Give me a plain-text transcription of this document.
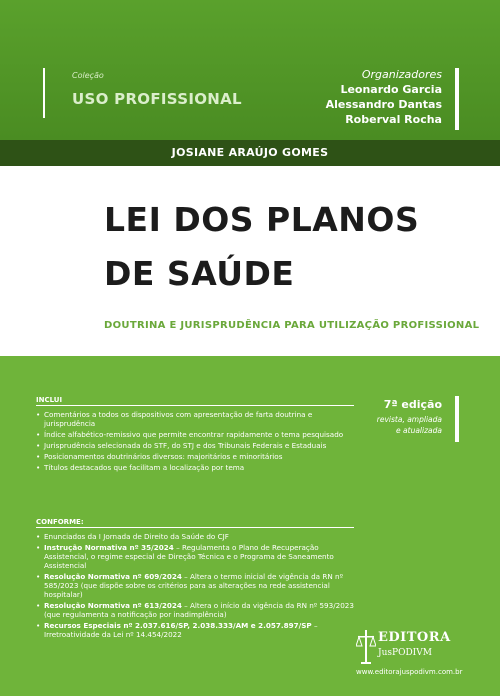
Coleção
USO PROFISSIONAL
Organizadores
Leonardo Garcia
Alessandro Dantas
Roberval Rocha
JOSIANE ARAÚJO GOMES
LEI DOS PLANOS
DE SAÚDE
DOUTRINA E JURISPRUDÊNCIA PARA UTILIZAÇÃO PROFISSIONAL
INCLUI
• Comentários a todos os dispositivos com apresentação de farta doutrina e jurisprudência
• Índice alfabético-remissivo que permite encontrar rapidamente o tema pesquisado
• Jurisprudência selecionada do STF, do STJ e dos Tribunais Federais e Estaduais
• Posicionamentos doutrinários diversos: majoritários e minoritários
• Títulos destacados que facilitam a localização por tema
CONFORME:
• Enunciados da I Jornada de Direito da Saúde do CJF
• Instrução Normativa nº 35/2024 – Regulamenta o Plano de Recuperação Assistencial, o regime especial de Direção Técnica e o Programa de Saneamento Assistencial
• Resolução Normativa nº 609/2024 – Altera o termo inicial de vigência da RN nº 585/2023 (que dispõe sobre os critérios para as alterações na rede assistencial hospitalar)
• Resolução Normativa nº 613/2024 – Altera o início da vigência da RN nº 593/2023 (que regulamenta a notificação por inadimplência)
• Recursos Especiais nº 2.037.616/SP, 2.038.333/AM e 2.057.897/SP – Irretroatividade da Lei nº 14.454/2022
7ª edição
revista, ampliada
e atualizada
EDITORA
JusPODIVM
www.editorajuspodivm.com.br
